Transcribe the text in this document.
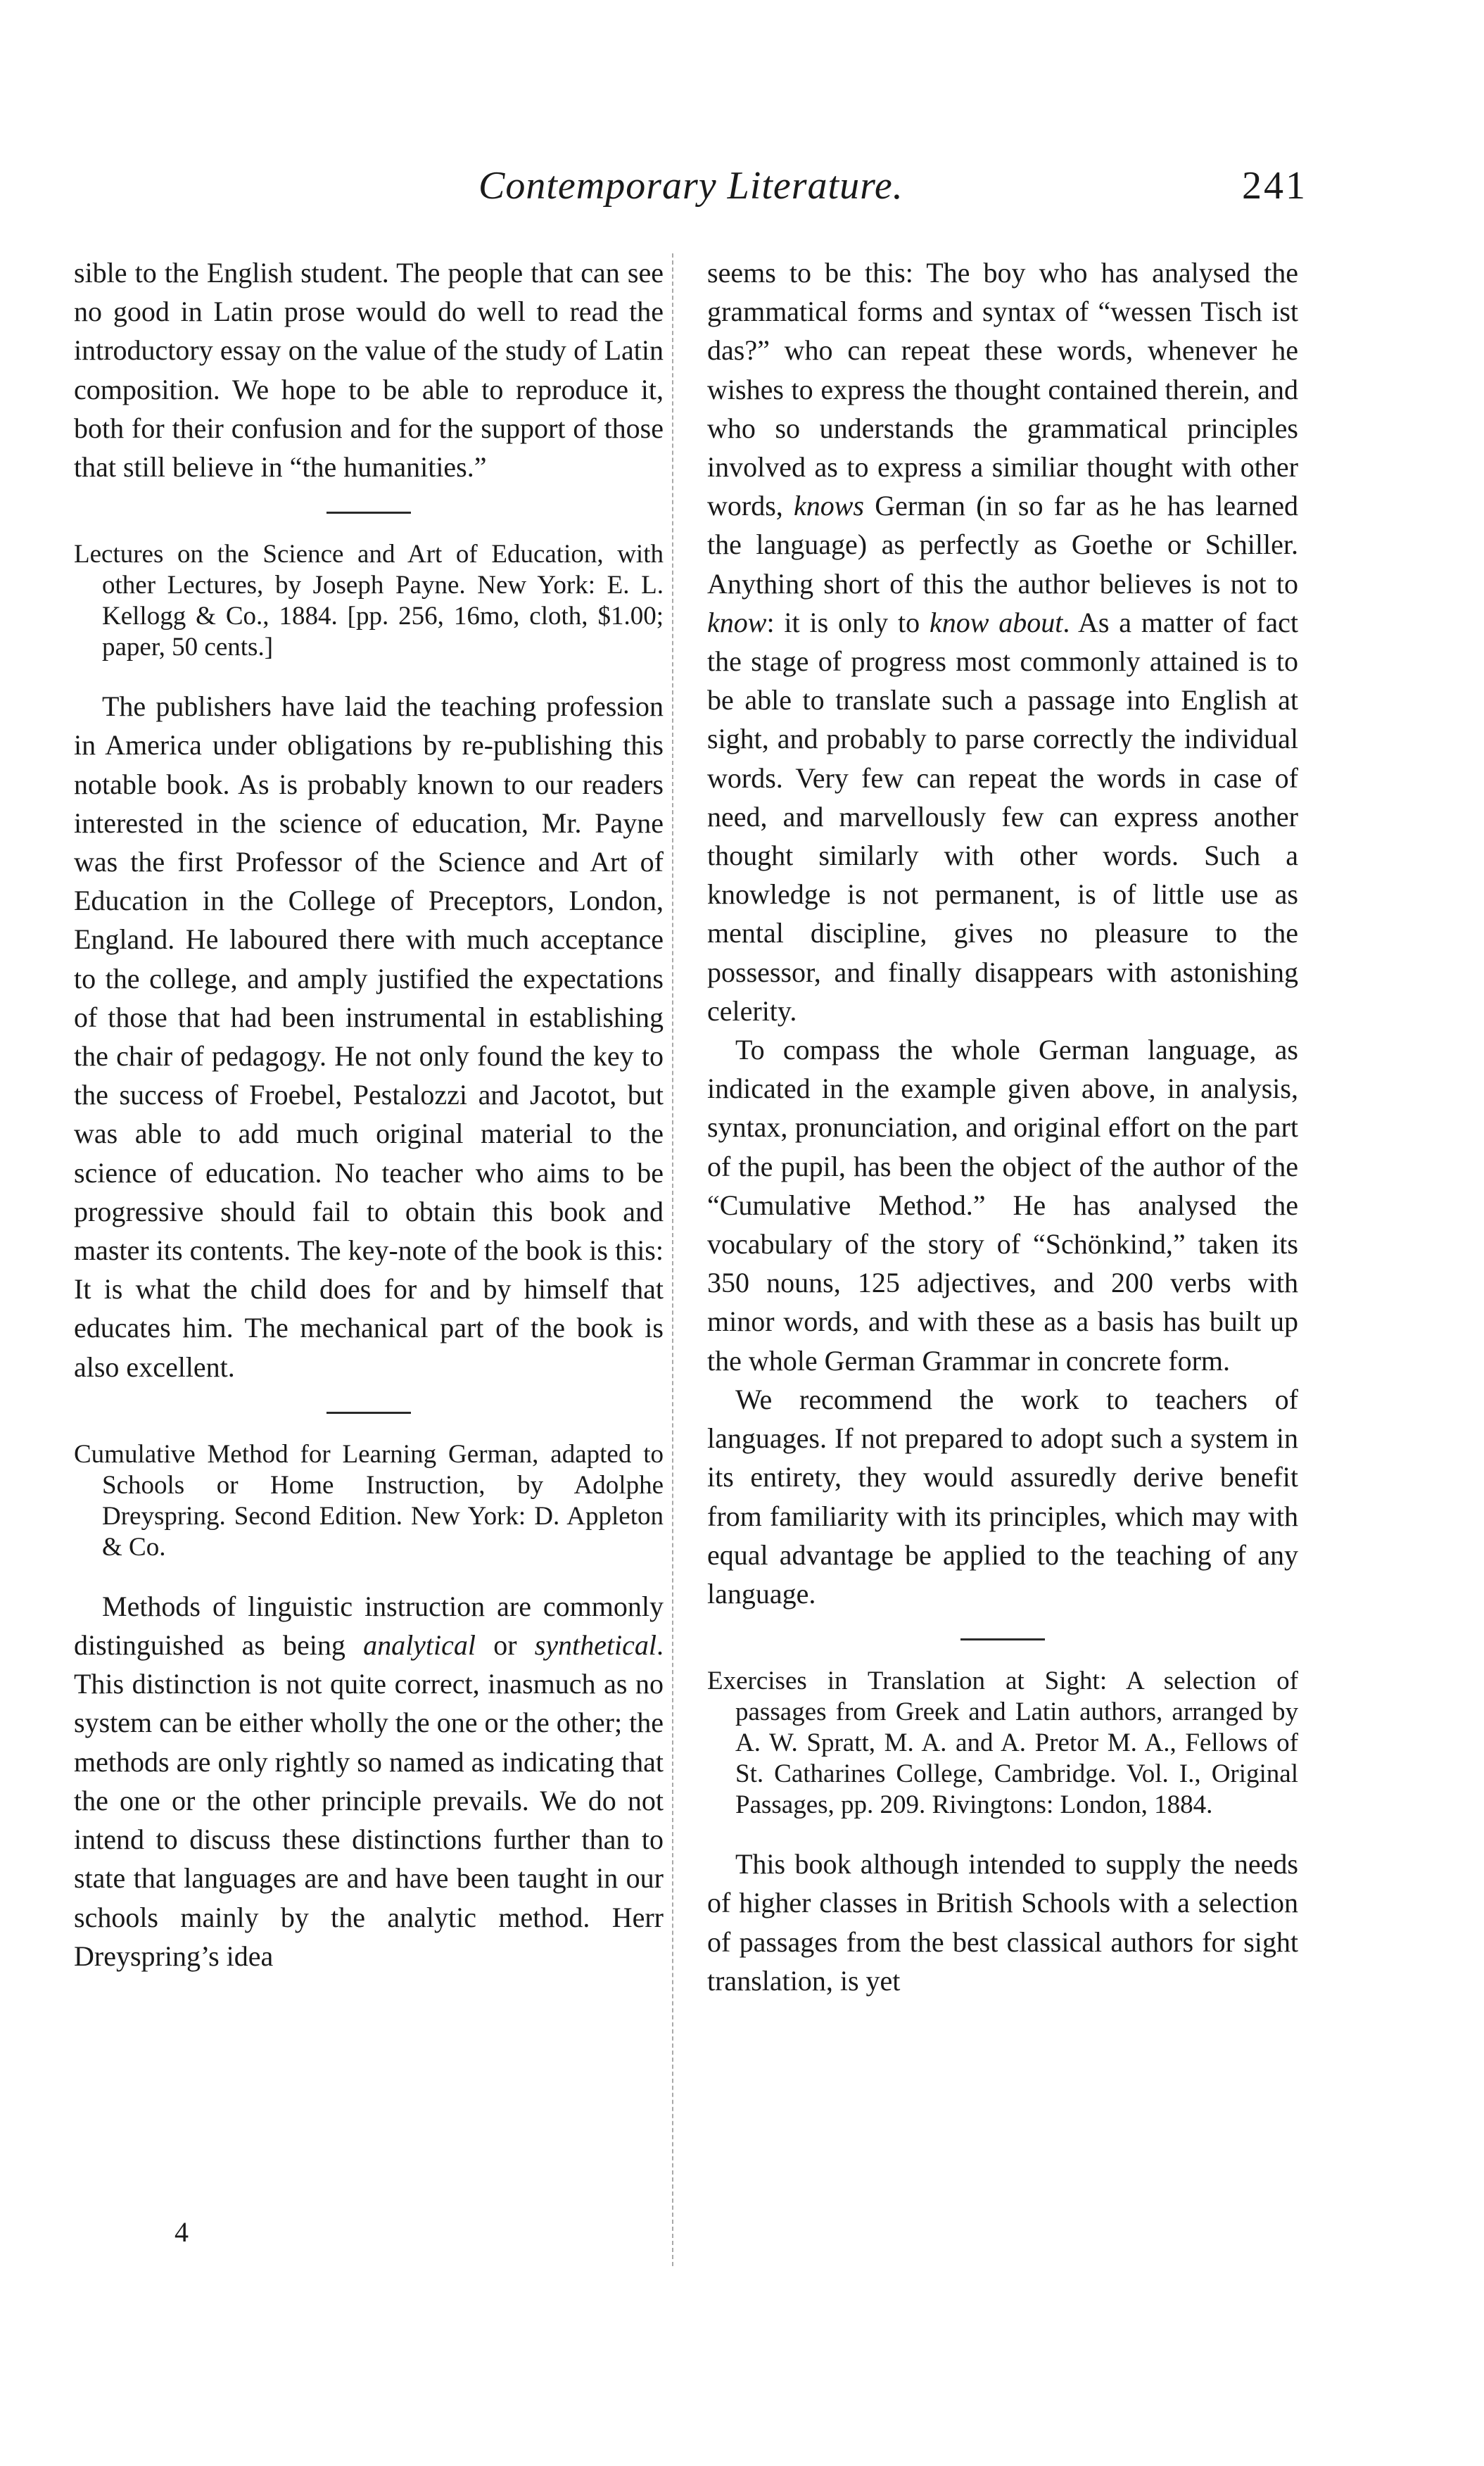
Contemporary Literature.	241

sible to the English student. The people that can see no good in Latin prose would do well to read the introductory essay on the value of the study of Latin composition. We hope to be able to reproduce it, both for their confusion and for the support of those that still believe in “the humanities.”

Lectures on the Science and Art of Education, with other Lectures, by Joseph Payne. New York: E. L. Kellogg & Co., 1884. [pp. 256, 16mo, cloth, $1.00; paper, 50 cents.]

The publishers have laid the teaching profession in America under obligations by re-publishing this notable book. As is probably known to our readers interested in the science of education, Mr. Payne was the first Professor of the Science and Art of Education in the College of Preceptors, London, England. He laboured there with much acceptance to the college, and amply justified the expectations of those that had been instrumental in establishing the chair of pedagogy. He not only found the key to the success of Froebel, Pestalozzi and Jacotot, but was able to add much original material to the science of education. No teacher who aims to be progressive should fail to obtain this book and master its contents. The key-note of the book is this: It is what the child does for and by himself that educates him. The mechanical part of the book is also excellent.

Cumulative Method for Learning German, adapted to Schools or Home Instruction, by Adolphe Dreyspring. Second Edition. New York: D. Appleton & Co.

Methods of linguistic instruction are commonly distinguished as being analytical or synthetical. This distinction is not quite correct, inasmuch as no system can be either wholly the one or the other; the methods are only rightly so named as indicating that the one or the other principle prevails. We do not intend to discuss these distinctions further than to state that languages are and have been taught in our schools mainly by the analytic method. Herr Dreyspring’s idea

4

seems to be this: The boy who has analysed the grammatical forms and syntax of “wessen Tisch ist das?” who can repeat these words, whenever he wishes to express the thought contained therein, and who so understands the grammatical principles involved as to express a similiar thought with other words, knows German (in so far as he has learned the language) as perfectly as Goethe or Schiller. Anything short of this the author believes is not to know: it is only to know about. As a matter of fact the stage of progress most commonly attained is to be able to translate such a passage into English at sight, and probably to parse correctly the individual words. Very few can repeat the words in case of need, and marvellously few can express another thought similarly with other words. Such a knowledge is not permanent, is of little use as mental discipline, gives no pleasure to the possessor, and finally disappears with astonishing celerity.

To compass the whole German language, as indicated in the example given above, in analysis, syntax, pronunciation, and original effort on the part of the pupil, has been the object of the author of the “Cumulative Method.” He has analysed the vocabulary of the story of “Schönkind,” taken its 350 nouns, 125 adjectives, and 200 verbs with minor words, and with these as a basis has built up the whole German Grammar in concrete form.

We recommend the work to teachers of languages. If not prepared to adopt such a system in its entirety, they would assuredly derive benefit from familiarity with its principles, which may with equal advantage be applied to the teaching of any language.

Exercises in Translation at Sight: A selection of passages from Greek and Latin authors, arranged by A. W. Spratt, M. A. and A. Pretor M. A., Fellows of St. Catharines College, Cambridge. Vol. I., Original Passages, pp. 209. Rivingtons: London, 1884.

This book although intended to supply the needs of higher classes in British Schools with a selection of passages from the best classical authors for sight translation, is yet
